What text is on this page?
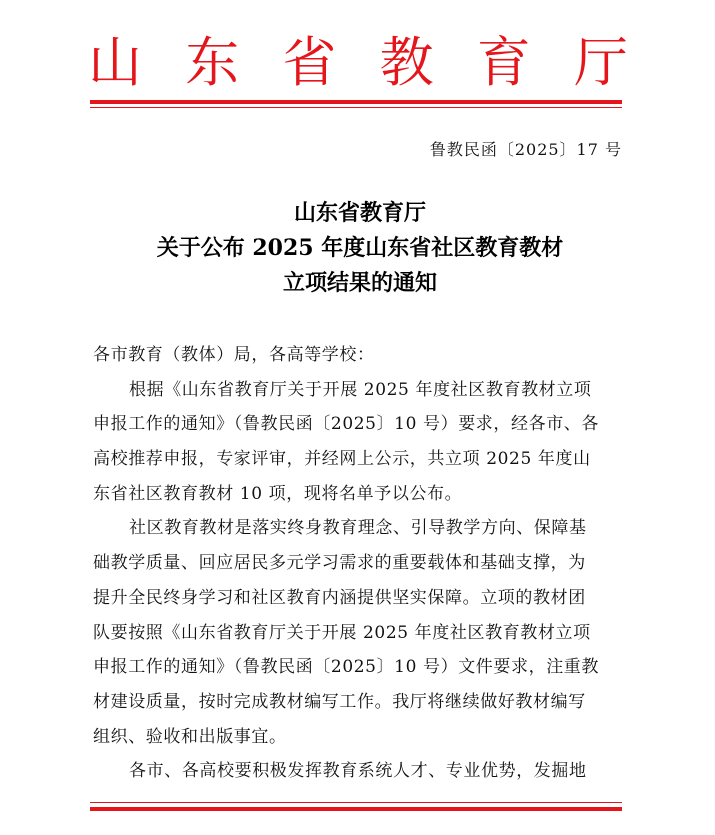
山东省教育厅
鲁教民函〔2025〕17 号
山东省教育厅
关于公布 2025 年度山东省社区教育教材
立项结果的通知
各市教育（教体）局，各高等学校：
根据《山东省教育厅关于开展 2025 年度社区教育教材立项
申报工作的通知》（鲁教民函〔2025〕10 号）要求，经各市、各
高校推荐申报，专家评审，并经网上公示，共立项 2025 年度山
东省社区教育教材 10 项，现将名单予以公布。
社区教育教材是落实终身教育理念、引导教学方向、保障基
础教学质量、回应居民多元学习需求的重要载体和基础支撑，为
提升全民终身学习和社区教育内涵提供坚实保障。立项的教材团
队要按照《山东省教育厅关于开展 2025 年度社区教育教材立项
申报工作的通知》（鲁教民函〔2025〕10 号）文件要求，注重教
材建设质量，按时完成教材编写工作。我厅将继续做好教材编写
组织、验收和出版事宜。
各市、各高校要积极发挥教育系统人才、专业优势，发掘地
